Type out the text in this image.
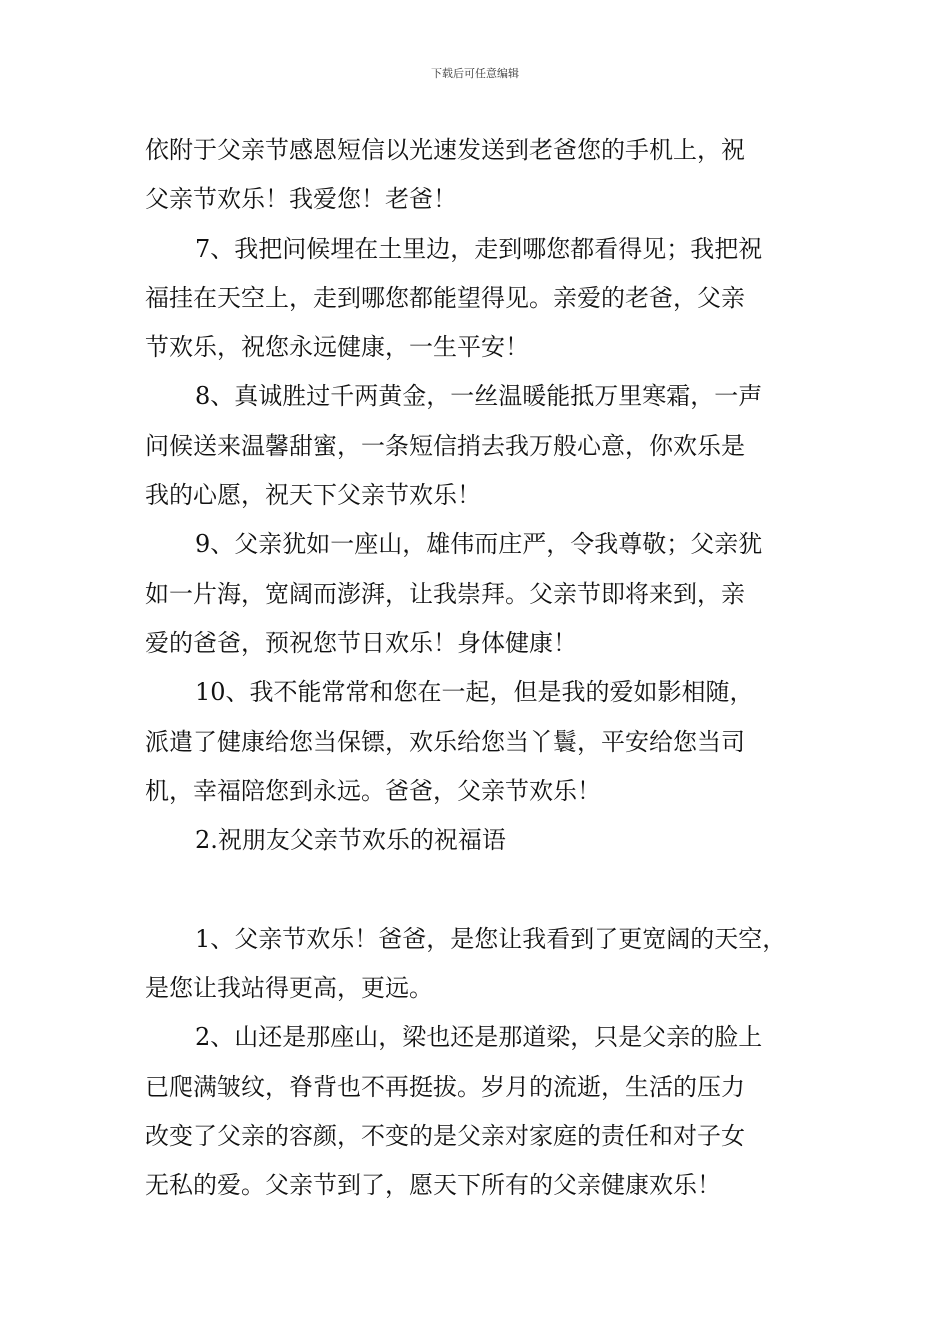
下载后可任意编辑

依附于父亲节感恩短信以光速发送到老爸您的手机上，祝
父亲节欢乐！我爱您！老爸！

7、我把问候埋在土里边，走到哪您都看得见；我把祝
福挂在天空上，走到哪您都能望得见。亲爱的老爸，父亲
节欢乐，祝您永远健康，一生平安！

8、真诚胜过千两黄金，一丝温暖能抵万里寒霜，一声
问候送来温馨甜蜜，一条短信捎去我万般心意，你欢乐是
我的心愿，祝天下父亲节欢乐！

9、父亲犹如一座山，雄伟而庄严，令我尊敬；父亲犹
如一片海，宽阔而澎湃，让我崇拜。父亲节即将来到，亲
爱的爸爸，预祝您节日欢乐！身体健康！

10、我不能常常和您在一起，但是我的爱如影相随，
派遣了健康给您当保镖，欢乐给您当丫鬟，平安给您当司
机，幸福陪您到永远。爸爸，父亲节欢乐！

2.祝朋友父亲节欢乐的祝福语

1、父亲节欢乐！爸爸，是您让我看到了更宽阔的天空，
是您让我站得更高，更远。

2、山还是那座山，梁也还是那道梁，只是父亲的脸上
已爬满皱纹，脊背也不再挺拔。岁月的流逝，生活的压力
改变了父亲的容颜，不变的是父亲对家庭的责任和对子女
无私的爱。父亲节到了，愿天下所有的父亲健康欢乐！
